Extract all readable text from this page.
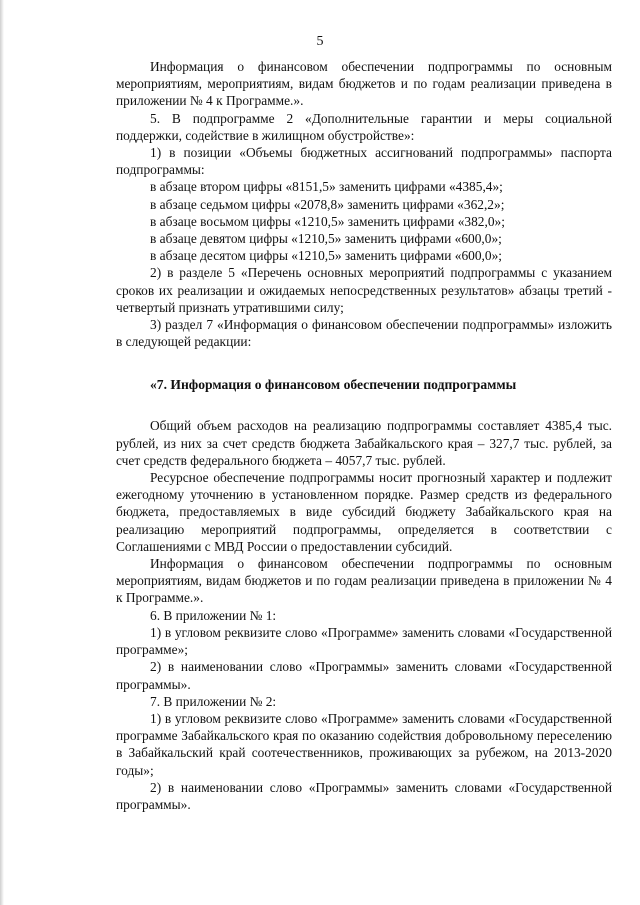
5

Информация о финансовом обеспечении подпрограммы по основным мероприятиям, мероприятиям, видам бюджетов и по годам реализации приведена в приложении № 4 к Программе.».

5. В подпрограмме 2 «Дополнительные гарантии и меры социальной поддержки, содействие в жилищном обустройстве»:

1) в позиции «Объемы бюджетных ассигнований подпрограммы» паспорта подпрограммы:

в абзаце втором цифры «8151,5» заменить цифрами «4385,4»;

в абзаце седьмом цифры «2078,8» заменить цифрами «362,2»;

в абзаце восьмом цифры «1210,5» заменить цифрами «382,0»;

в абзаце девятом цифры «1210,5» заменить цифрами «600,0»;

в абзаце десятом цифры «1210,5» заменить цифрами «600,0»;

2) в разделе 5 «Перечень основных мероприятий подпрограммы с указанием сроков их реализации и ожидаемых непосредственных результатов» абзацы третий - четвертый признать утратившими силу;

3) раздел 7 «Информация о финансовом обеспечении подпрограммы» изложить в следующей редакции:

«7. Информация о финансовом обеспечении подпрограммы

Общий объем расходов на реализацию подпрограммы составляет 4385,4 тыс. рублей, из них за счет средств бюджета Забайкальского края – 327,7 тыс. рублей, за счет средств федерального бюджета – 4057,7 тыс. рублей.

Ресурсное обеспечение подпрограммы носит прогнозный характер и подлежит ежегодному уточнению в установленном порядке. Размер средств из федерального бюджета, предоставляемых в виде субсидий бюджету Забайкальского края на реализацию мероприятий подпрограммы, определяется в соответствии с Соглашениями с МВД России о предоставлении субсидий.

Информация о финансовом обеспечении подпрограммы по основным мероприятиям, видам бюджетов и по годам реализации приведена в приложении № 4 к Программе.».

6. В приложении № 1:

1) в угловом реквизите слово «Программе» заменить словами «Государственной программе»;

2) в наименовании слово «Программы» заменить словами «Государственной программы».

7. В приложении № 2:

1) в угловом реквизите слово «Программе» заменить словами «Государственной программе Забайкальского края по оказанию содействия добровольному переселению в Забайкальский край соотечественников, проживающих за рубежом, на 2013-2020 годы»;

2) в наименовании слово «Программы» заменить словами «Государственной программы».
